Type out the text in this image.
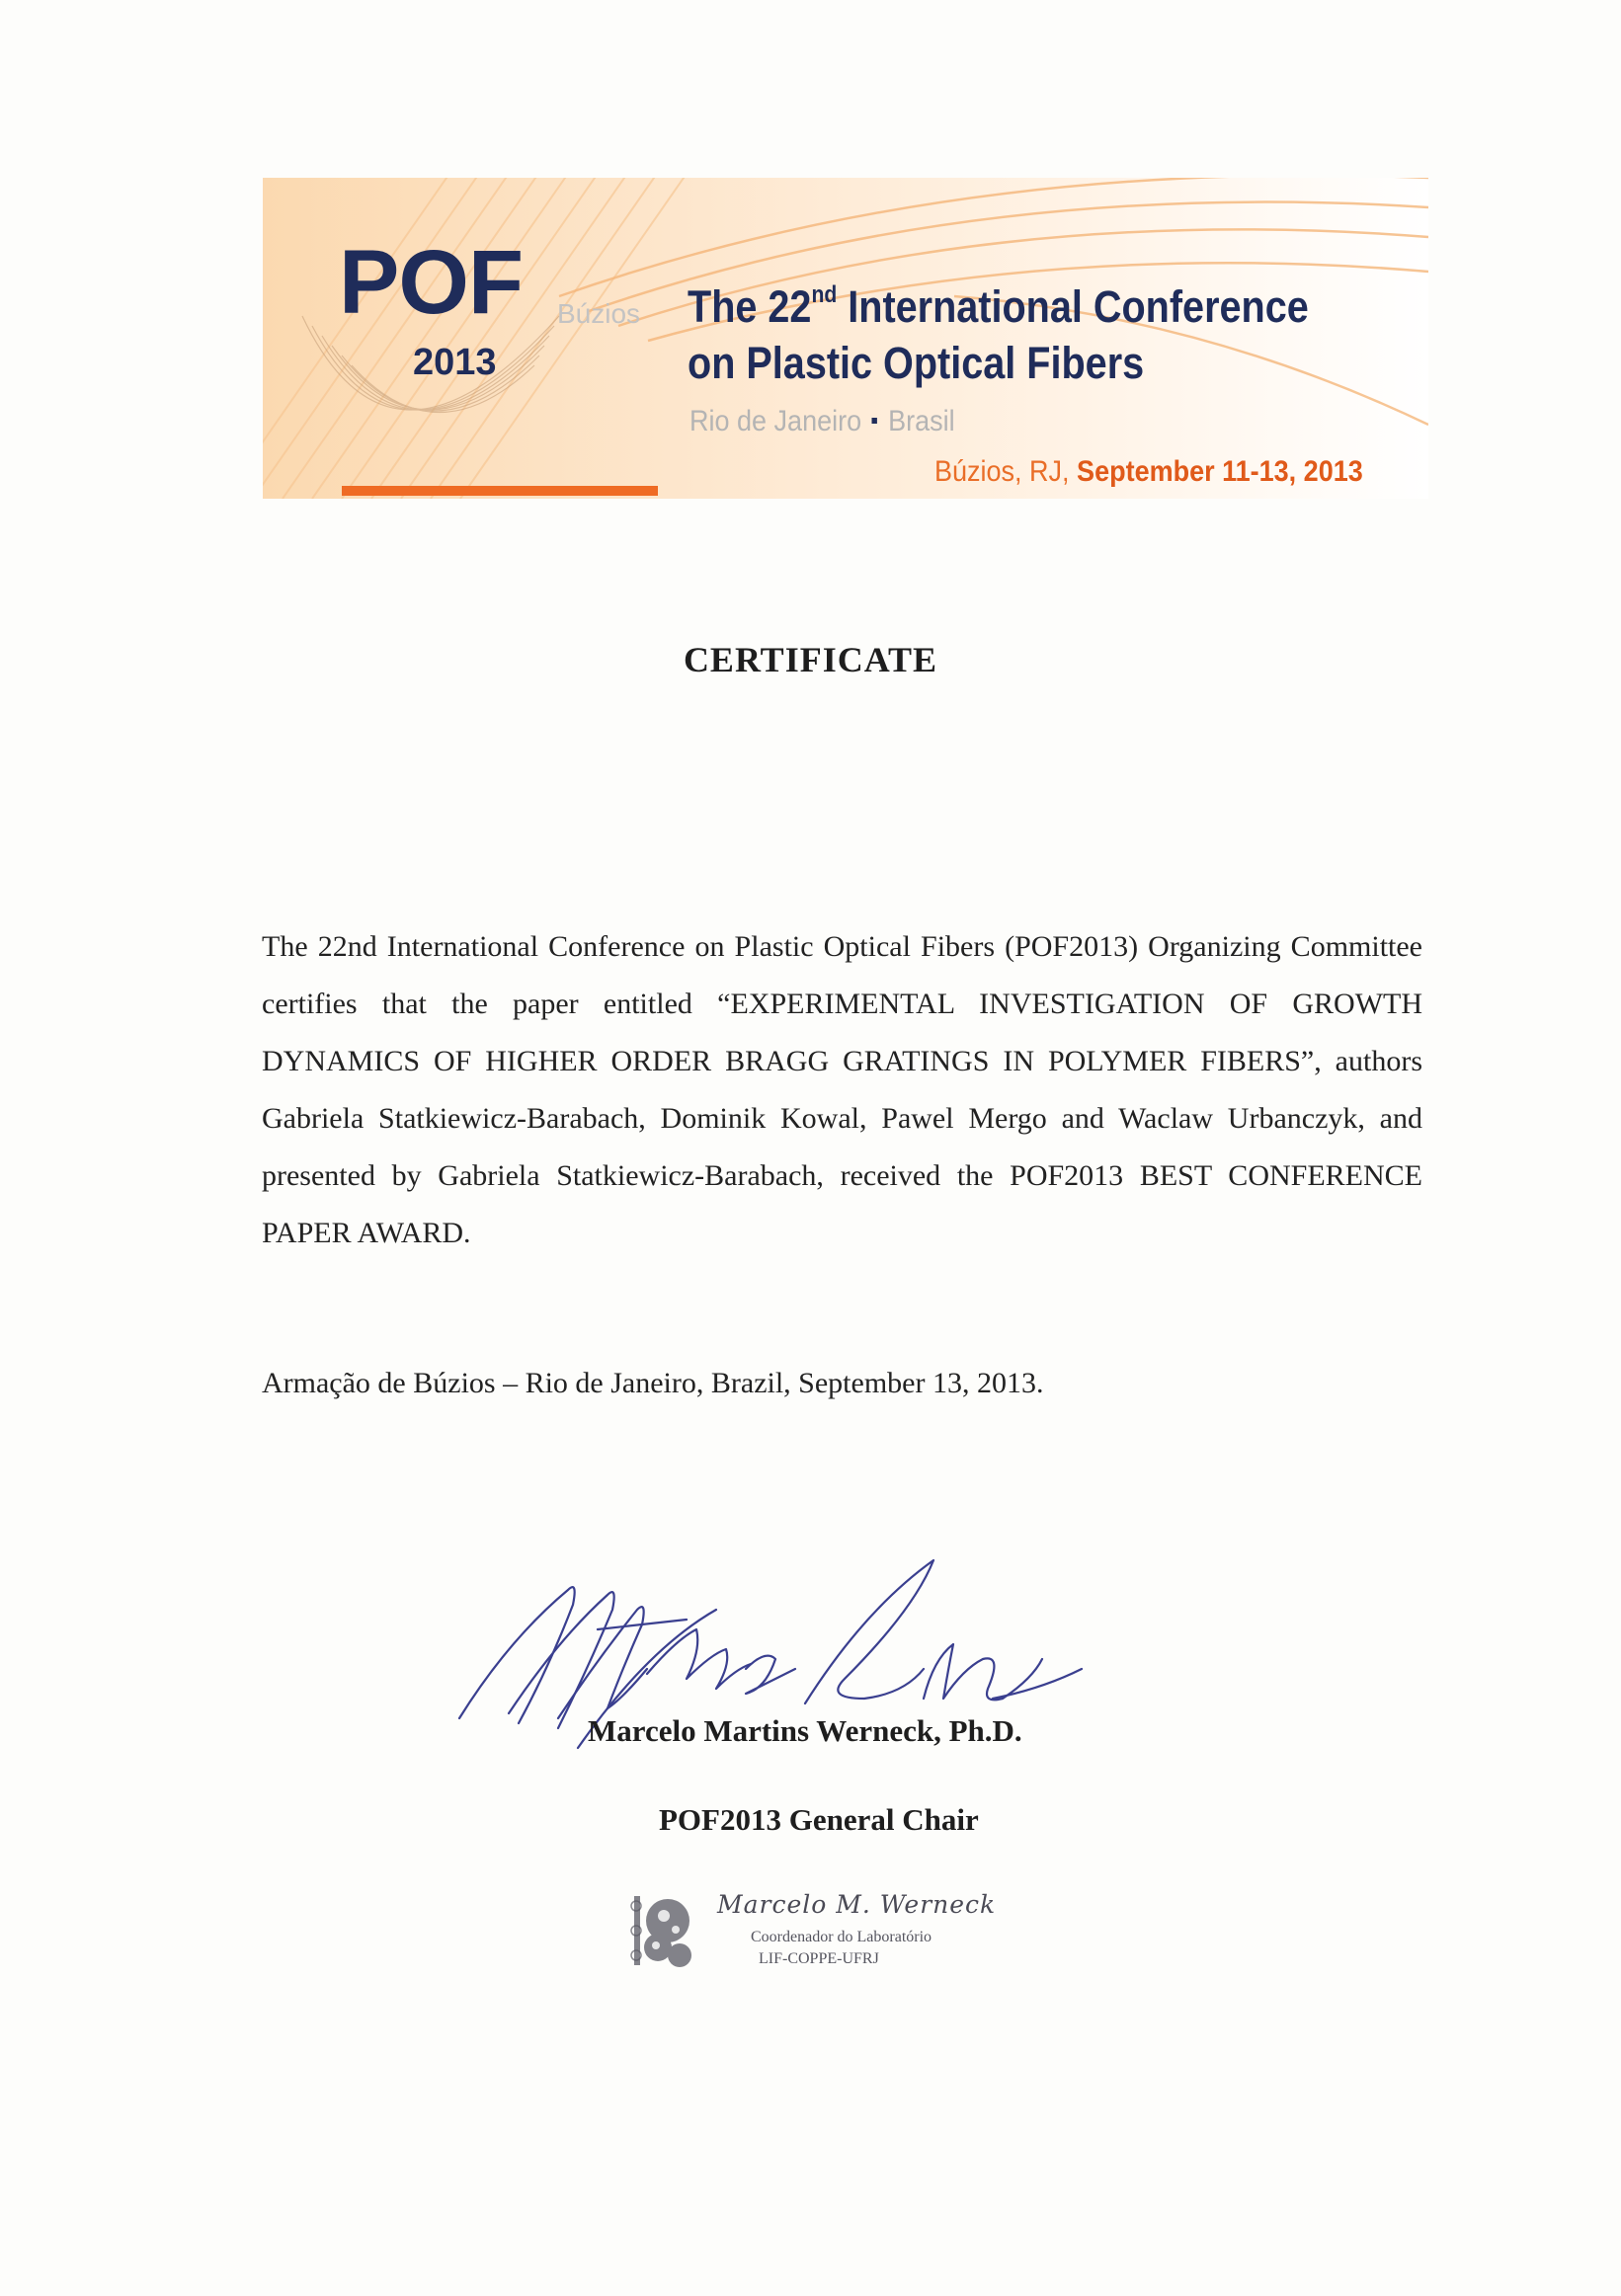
POF
2013
Búzios The 22nd International Conference
on Plastic Optical Fibers
Rio de Janeiro Brasil
Búzios, RJ, September 11-13, 2013
CERTIFICATE
The 22nd International Conference on Plastic Optical Fibers (POF2013) Organizing Committee certifies that the paper entitled “EXPERIMENTAL INVESTIGATION OF GROWTH DYNAMICS OF HIGHER ORDER BRAGG GRATINGS IN POLYMER FIBERS”, authors Gabriela Statkiewicz-Barabach, Dominik Kowal, Pawel Mergo and Waclaw Urbanczyk, and presented by Gabriela Statkiewicz-Barabach, received the POF2013 BEST CONFERENCE PAPER AWARD.
Armação de Búzios – Rio de Janeiro, Brazil, September 13, 2013.
Marcelo Martins Werneck, Ph.D.
POF2013 General Chair
Marcelo M. Werneck
Coordenador do Laboratório
LIF-COPPE-UFRJ
